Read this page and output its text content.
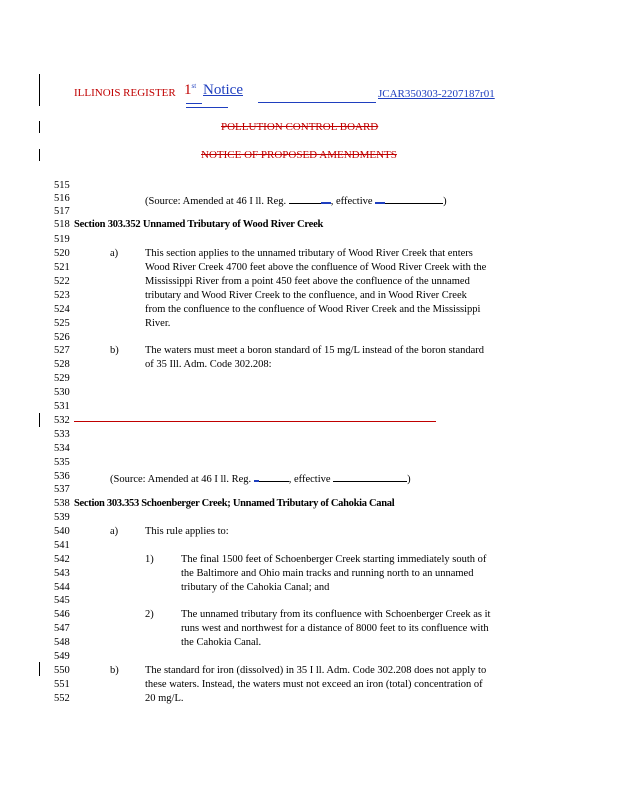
ILLINOIS REGISTER 1st Notice	JCAR350303-2207187r01
POLLUTION CONTROL BOARD
NOTICE OF PROPOSED AMENDMENTS
515
516
517
518
519
520
521
522
523
524
525
526
527
528
529
530
531
532
533
534
535
536
537
538
539
540
541
542
543
544
545
546
547
548
549
550
551
552
(Source: Amended at 46 I ll. Reg.	, effective	)
Section 303.352 Unnamed Tributary of Wood River Creek
a)	This section applies to the unnamed tributary of Wood River Creek that enters
Wood River Creek 4700 feet above the confluence of Wood River Creek with the
Mississippi River from a point 450 feet above the confluence of the unnamed
tributary and Wood River Creek to the confluence, and in Wood River Creek
from the confluence to the confluence of Wood River Creek and the Mississippi
River.
b)	The waters must meet a boron standard of 15 mg/L instead of the boron standard
of 35 Ill. Adm. Code 302.208:
(Source: Amended at 46 I ll. Reg.	, effective	)
Section 303.353 Schoenberger Creek; Unnamed Tributary of Cahokia Canal
a)	This rule applies to:
1)	The final 1500 feet of Schoenberger Creek starting immediately south of
the Baltimore and Ohio main tracks and running north to an unnamed
tributary of the Cahokia Canal; and
2)	The unnamed tributary from its confluence with Schoenberger Creek as it
runs west and northwest for a distance of 8000 feet to its confluence with
the Cahokia Canal.
b)	The standard for iron (dissolved) in 35 I ll. Adm. Code 302.208 does not apply to
these waters. Instead, the waters must not exceed an iron (total) concentration of
20 mg/L.
